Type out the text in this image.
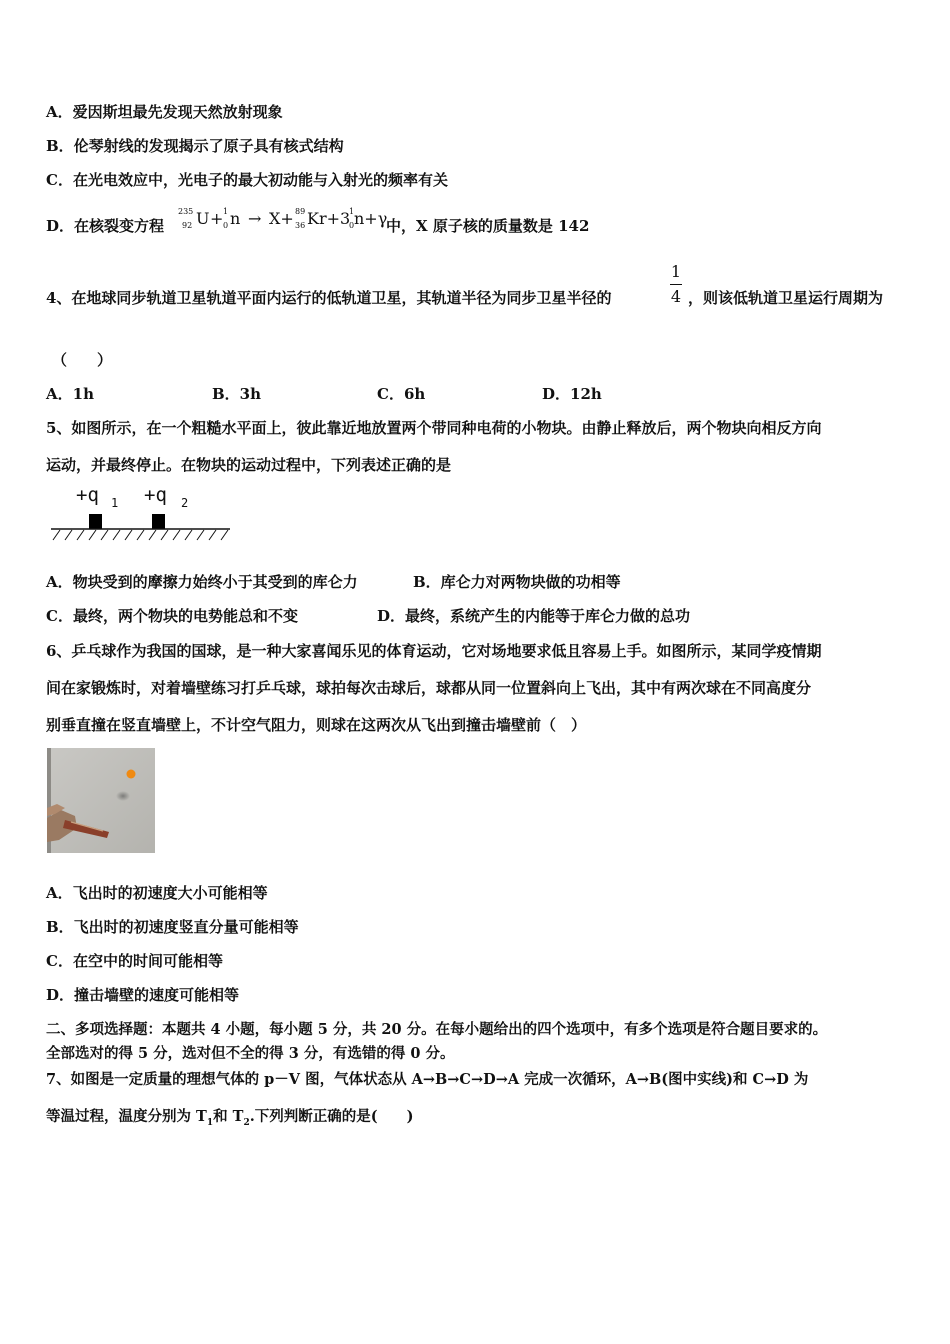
A．爱因斯坦最先发现天然放射现象
B．伦琴射线的发现揭示了原子具有核式结构
C．在光电效应中，光电子的最大初动能与入射光的频率有关
D．在核裂变方程
235
92 U + 1
0 n → X+ 89
36 Kr+3
1
0 n+γ
中，X 原子核的质量数是 142
4、在地球同步轨道卫星轨道平面内运行的低轨道卫星，其轨道半径为同步卫星半径的
1
4 ，则该低轨道卫星运行周期为
（　　）
A．1h	B．3h	C．6h	D．12h
5、如图所示，在一个粗糙水平面上，彼此靠近地放置两个带同种电荷的小物块。由静止释放后，两个物块向相反方向
运动，并最终停止。在物块的运动过程中，下列表述正确的是
+q 1 +q 2
A．物块受到的摩擦力始终小于其受到的库仑力	B．库仑力对两物块做的功相等
C．最终，两个物块的电势能总和不变	D．最终，系统产生的内能等于库仑力做的总功
6、乒乓球作为我国的国球，是一种大家喜闻乐见的体育运动，它对场地要求低且容易上手。如图所示，某同学疫情期
间在家锻炼时，对着墙壁练习打乒乓球，球拍每次击球后，球都从同一位置斜向上飞出，其中有两次球在不同高度分
别垂直撞在竖直墙壁上，不计空气阻力，则球在这两次从飞出到撞击墙壁前（　）
A．飞出时的初速度大小可能相等
B．飞出时的初速度竖直分量可能相等
C．在空中的时间可能相等
D．撞击墙壁的速度可能相等
二、多项选择题：本题共 4 小题，每小题 5 分，共 20 分。在每小题给出的四个选项中，有多个选项是符合题目要求的。
全部选对的得 5 分，选对但不全的得 3 分，有选错的得 0 分。
7、如图是一定质量的理想气体的 p－V 图，气体状态从 A→B→C→D→A 完成一次循环，A→B(图中实线)和 C→D 为
等温过程，温度分别为 $T_1$和 $T_2$.下列判断正确的是(　　)
